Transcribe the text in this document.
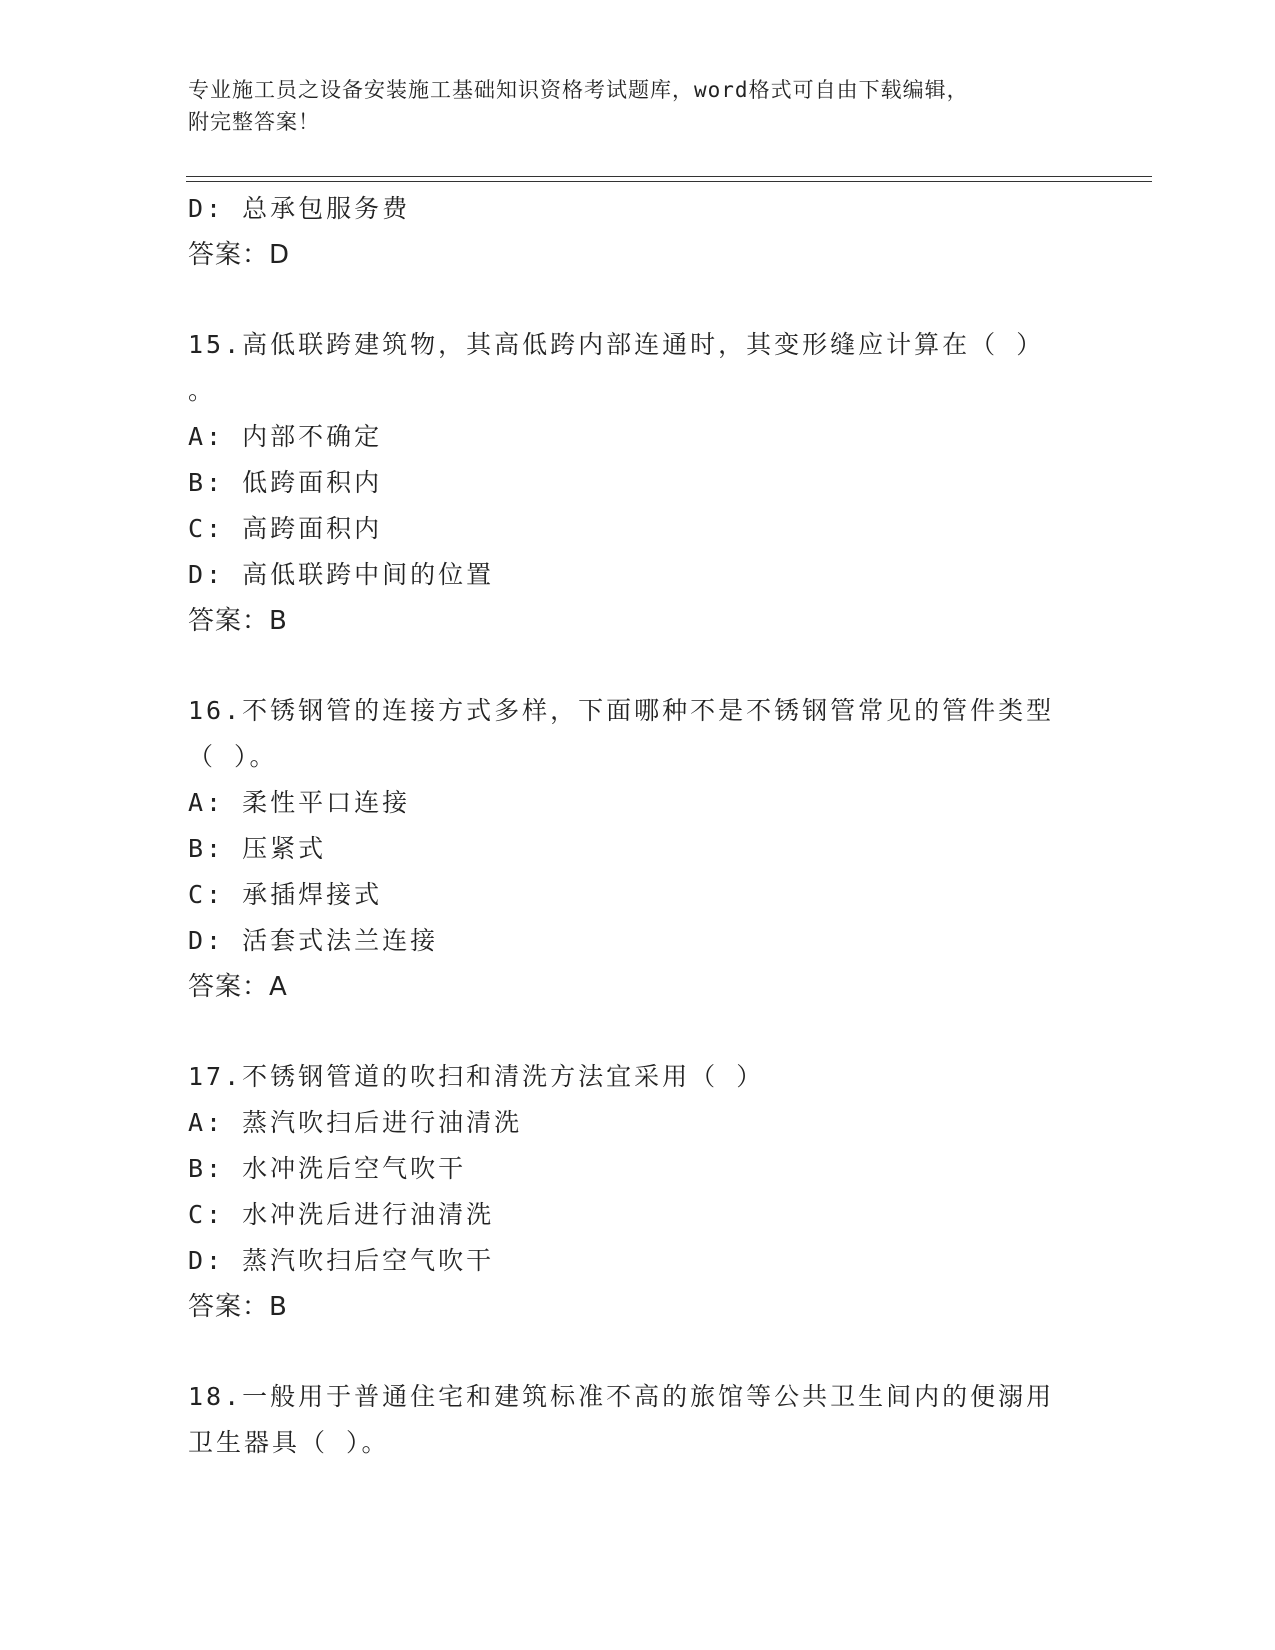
专业施工员之设备安装施工基础知识资格考试题库，word格式可自由下载编辑，
附完整答案！
D: 总承包服务费
答案：D
15.高低联跨建筑物，其高低跨内部连通时，其变形缝应计算在（ ）
。
A: 内部不确定
B: 低跨面积内
C: 高跨面积内
D: 高低联跨中间的位置
答案：B
16.不锈钢管的连接方式多样，下面哪种不是不锈钢管常见的管件类型
（ ）。
A: 柔性平口连接
B: 压紧式
C: 承插焊接式
D: 活套式法兰连接
答案：A
17.不锈钢管道的吹扫和清洗方法宜采用（ ）
A: 蒸汽吹扫后进行油清洗
B: 水冲洗后空气吹干
C: 水冲洗后进行油清洗
D: 蒸汽吹扫后空气吹干
答案：B
18.一般用于普通住宅和建筑标准不高的旅馆等公共卫生间内的便溺用
卫生器具（ ）。
